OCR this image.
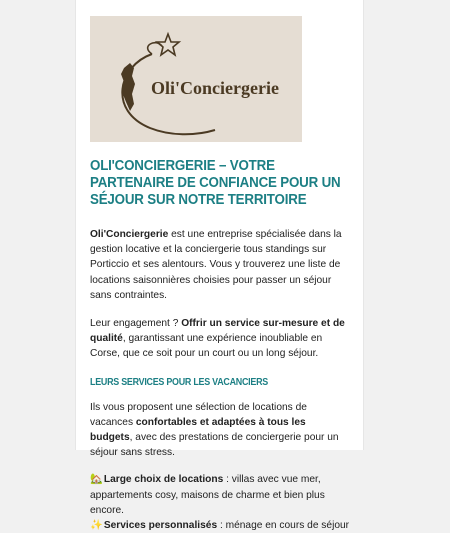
Oli'Conciergerie
OLI'CONCIERGERIE – VOTRE PARTENAIRE DE CONFIANCE POUR UN SÉJOUR SUR NOTRE TERRITOIRE

Oli'Conciergerie est une entreprise spécialisée dans la gestion locative et la conciergerie tous standings sur Porticcio et ses alentours. Vous y trouverez une liste de locations saisonnières choisies pour passer un séjour sans contraintes.

Leur engagement ? Offrir un service sur-mesure et de qualité, garantissant une expérience inoubliable en Corse, que ce soit pour un court ou un long séjour.

LEURS SERVICES POUR LES VACANCIERS

Ils vous proposent une sélection de locations de vacances confortables et adaptées à tous les budgets, avec des prestations de conciergerie pour un séjour sans stress.

🏡 Large choix de locations : villas avec vue mer, appartements cosy, maisons de charme et bien plus encore.
✨ Services personnalisés : ménage en cours de séjour
